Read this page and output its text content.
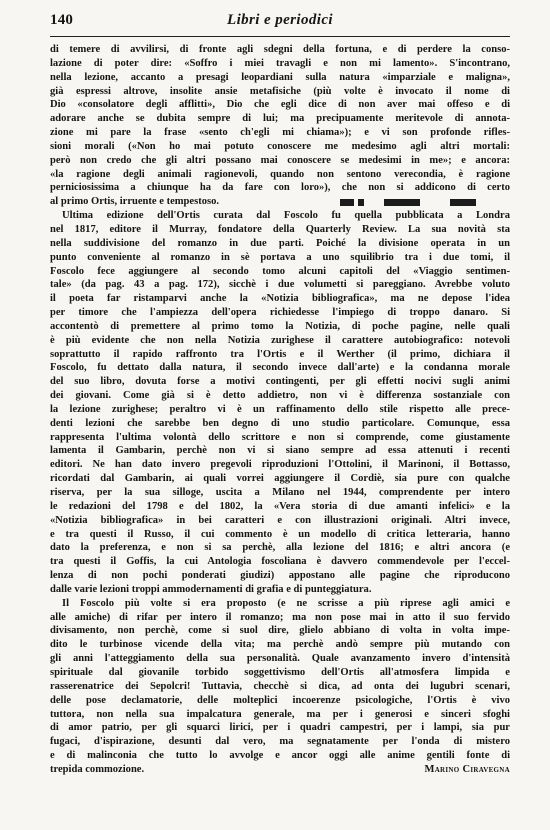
140	Libri e periodici

di temere di avvilirsi, di fronte agli sdegni della fortuna, e di perdere la conso-
lazione di poter dire: «Soffro i miei travagli e non mi lamento». S'incontrano,
nella lezione, accanto a presagi leopardiani sulla natura «imparziale e maligna»,
già espressi altrove, insolite ansie metafisiche (più volte è invocato il nome di
Dio «consolatore degli afflitti», Dio che egli dice di non aver mai offeso e di
adorare anche se dubita sempre di lui; ma precipuamente meritevole di annota-
zione mi pare la frase «sento ch'egli mi chiama»); e vi son profonde rifles-
sioni morali («Non ho mai potuto conoscere me medesimo agli altri mortali:
però non credo che gli altri possano mai conoscere se medesimi in me»; e ancora:
«la ragione degli animali ragionevoli, quando non sentono verecondia, è ragione
perniciosissima a chiunque ha da fare con loro»), che non si addicono di certo
al primo Ortis, irruente e tempestoso.

Ultima edizione dell'Ortis curata dal Foscolo fu quella pubblicata a Londra
nel 1817, editore il Murray, fondatore della Quarterly Review. La sua novità sta
nella suddivisione del romanzo in due parti. Poiché la divisione operata in un
punto conveniente al romanzo in sè portava a uno squilibrio tra i due tomi, il
Foscolo fece aggiungere al secondo tomo alcuni capitoli del «Viaggio sentimen-
tale» (da pag. 43 a pag. 172), sicchè i due volumetti si pareggiano. Avrebbe voluto
il poeta far ristamparvi anche la «Notizia bibliografica», ma ne depose l'idea
per timore che l'ampiezza dell'opera richiedesse l'impiego di troppo danaro. Si
accontentò di premettere al primo tomo la Notizia, di poche pagine, nelle quali
è più evidente che non nella Notizia zurighese il carattere autobiografico: notevoli
soprattutto il rapido raffronto tra l'Ortis e il Werther (il primo, dichiara il
Foscolo, fu dettato dalla natura, il secondo invece dall'arte) e la condanna morale
del suo libro, dovuta forse a motivi contingenti, per gli effetti nocivi sugli animi
dei giovani. Come già si è detto addietro, non vi è differenza sostanziale con
la lezione zurighese; peraltro vi è un raffinamento dello stile rispetto alle prece-
denti lezioni che sarebbe ben degno di uno studio particolare. Comunque, essa
rappresenta l'ultima volontà dello scrittore e non si comprende, come giustamente
lamenta il Gambarin, perchè non vi si siano sempre ad essa attenuti i recenti
editori. Ne han dato invero pregevoli riproduzioni l'Ottolini, il Marinoni, il Bottasso,
ricordati dal Gambarin, ai quali vorrei aggiungere il Cordiè, sia pure con qualche
riserva, per la sua silloge, uscita a Milano nel 1944, comprendente per intero
le redazioni del 1798 e del 1802, la «Vera storia di due amanti infelici» e la
«Notizia bibliografica» in bei caratteri e con illustrazioni originali. Altri invece,
e tra questi il Russo, il cui commento è un modello di critica letteraria, hanno
dato la preferenza, e non si sa perchè, alla lezione del 1816; e altri ancora (e
tra questi il Goffis, la cui Antologia foscoliana è davvero commendevole per l'eccel-
lenza di non pochi ponderati giudizi) appostano alle pagine che riproducono
dalle varie lezioni troppi ammodernamenti di grafia e di punteggiatura.

Il Foscolo più volte si era proposto (e ne scrisse a più riprese agli amici e
alle amiche) di rifar per intero il romanzo; ma non pose mai in atto il suo fervido
divisamento, non perchè, come si suol dire, glielo abbiano di volta in volta impe-
dito le turbinose vicende della vita; ma perchè andò sempre più mutando con
gli anni l'atteggiamento della sua personalità. Quale avanzamento invero d'intensità
spirituale dal giovanile torbido soggettivismo dell'Ortis all'atmosfera limpida e
rasserenatrice dei Sepolcri! Tuttavia, checchè si dica, ad onta dei lugubri scenari,
delle pose declamatorie, delle molteplici incoerenze psicologiche, l'Ortis è vivo
tuttora, non nella sua impalcatura generale, ma per i generosi e sinceri sfoghi
di amor patrio, per gli squarci lirici, per i quadri campestri, per i lampi, sia pur
fugaci, d'ispirazione, desunti dal vero, ma segnatamente per l'onda di mistero
e di malinconia che tutto lo avvolge e ancor oggi alle anime gentili fonte di
trepida commozione.	Marino Ciravegna
